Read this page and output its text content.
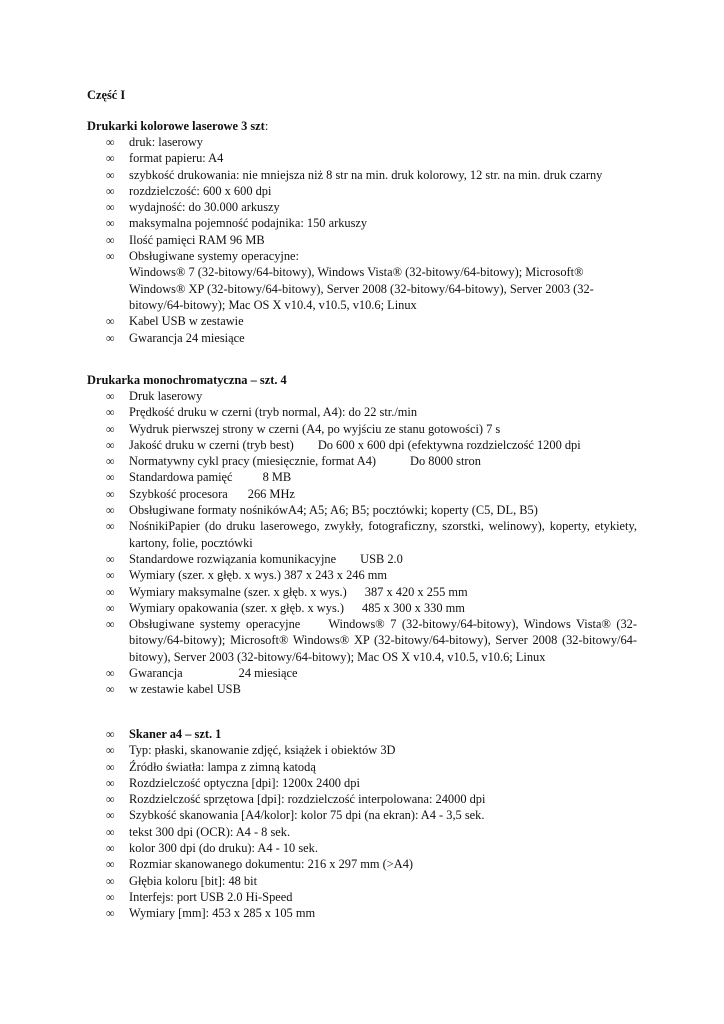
Część I
Drukarki kolorowe laserowe 3 szt:
∞ druk: laserowy
∞ format papieru: A4
∞ szybkość drukowania: nie mniejsza niż 8 str na min. druk kolorowy, 12 str. na min. druk czarny
∞ rozdzielczość: 600 x 600 dpi
∞ wydajność: do 30.000 arkuszy
∞ maksymalna pojemność podajnika: 150 arkuszy
∞ Ilość pamięci RAM 96 MB
∞ Obsługiwane systemy operacyjne:
Windows® 7 (32-bitowy/64-bitowy), Windows Vista® (32-bitowy/64-bitowy); Microsoft® Windows® XP (32-bitowy/64-bitowy), Server 2008 (32-bitowy/64-bitowy), Server 2003 (32-bitowy/64-bitowy); Mac OS X v10.4, v10.5, v10.6; Linux
∞ Kabel USB w zestawie
∞ Gwarancja 24 miesiące
Drukarka monochromatyczna – szt. 4
∞ Druk laserowy
∞ Prędkość druku w czerni (tryb normal, A4): do 22 str./min
∞ Wydruk pierwszej strony w czerni (A4, po wyjściu ze stanu gotowości) 7 s
∞ Jakość druku w czerni (tryb best) Do 600 x 600 dpi (efektywna rozdzielczość 1200 dpi
∞ Normatywny cykl pracy (miesięcznie, format A4)	Do 8000 stron
∞ Standardowa pamięć 8 MB
∞ Szybkość procesora 266 MHz
∞ Obsługiwane formaty nośnikówA4; A5; A6; B5; pocztówki; koperty (C5, DL, B5)
∞ NośnikiPapier (do druku laserowego, zwykły, fotograficzny, szorstki, welinowy), koperty, etykiety, kartony, folie, pocztówki
∞ Standardowe rozwiązania komunikacyjne USB 2.0
∞ Wymiary (szer. x głęb. x wys.) 387 x 243 x 246 mm
∞ Wymiary maksymalne (szer. x głęb. x wys.) 387 x 420 x 255 mm
∞ Wymiary opakowania (szer. x głęb. x wys.) 485 x 300 x 330 mm
∞ Obsługiwane systemy operacyjne Windows® 7 (32-bitowy/64-bitowy), Windows Vista® (32-bitowy/64-bitowy); Microsoft® Windows® XP (32-bitowy/64-bitowy), Server 2008 (32-bitowy/64-bitowy), Server 2003 (32-bitowy/64-bitowy); Mac OS X v10.4, v10.5, v10.6; Linux
∞ Gwarancja	24 miesiące
∞ w zestawie kabel USB
∞ Skaner a4 – szt. 1
∞ Typ: płaski, skanowanie zdjęć, książek i obiektów 3D
∞ Źródło światła: lampa z zimną katodą
∞ Rozdzielczość optyczna [dpi]: 1200x 2400 dpi
∞ Rozdzielczość sprzętowa [dpi]: rozdzielczość interpolowana: 24000 dpi
∞ Szybkość skanowania [A4/kolor]: kolor 75 dpi (na ekran): A4 - 3,5 sek.
∞ tekst 300 dpi (OCR): A4 - 8 sek.
∞ kolor 300 dpi (do druku): A4 - 10 sek.
∞ Rozmiar skanowanego dokumentu: 216 x 297 mm (>A4)
∞ Głębia koloru [bit]: 48 bit
∞ Interfejs: port USB 2.0 Hi-Speed
∞ Wymiary [mm]: 453 x 285 x 105 mm
